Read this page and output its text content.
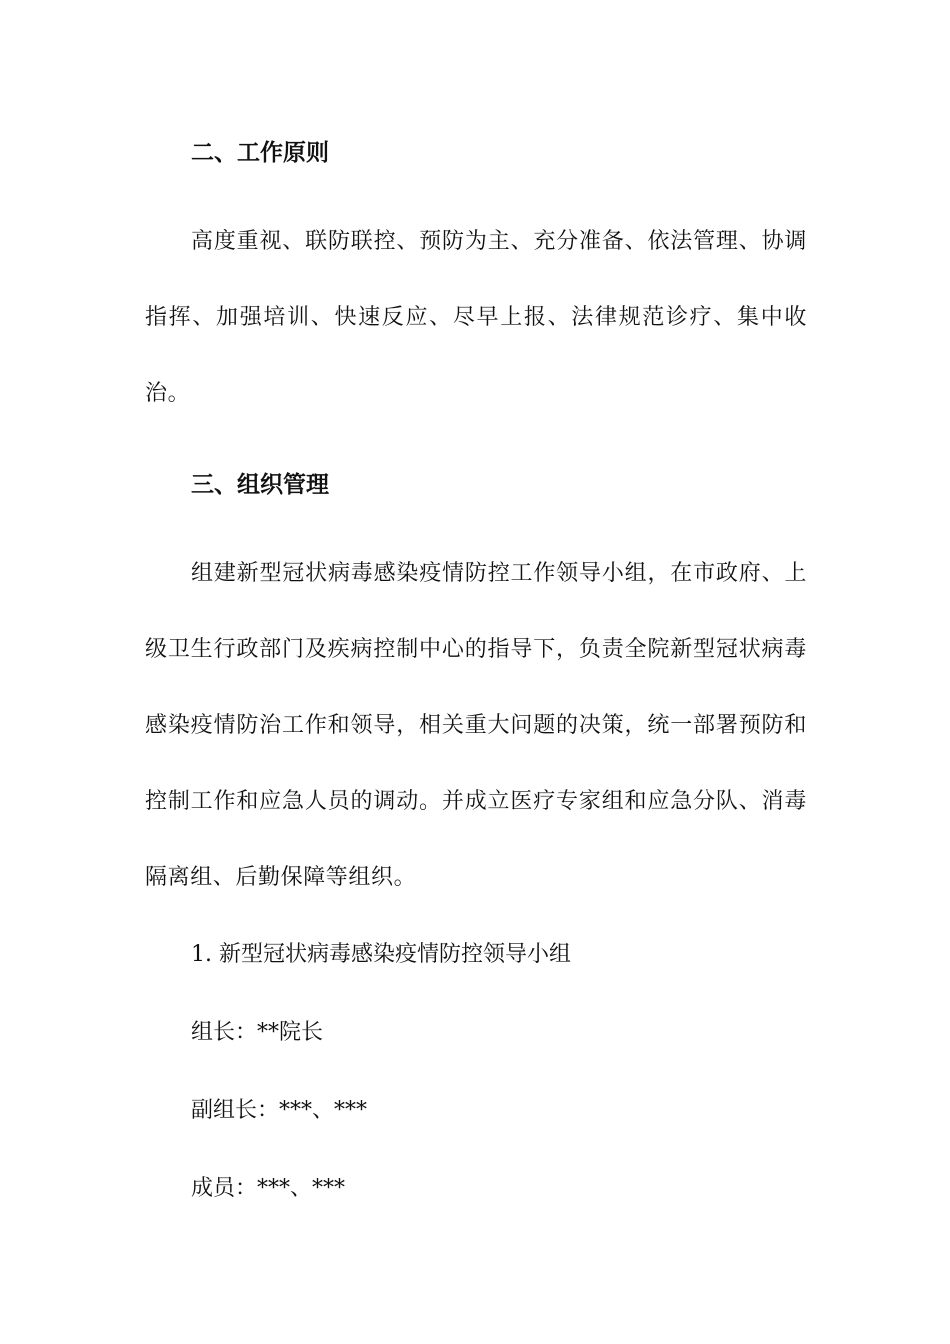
二、工作原则

高度重视、联防联控、预防为主、充分准备、依法管理、协调指挥、加强培训、快速反应、尽早上报、法律规范诊疗、集中收治。

三、组织管理

组建新型冠状病毒感染疫情防控工作领导小组，在市政府、上级卫生行政部门及疾病控制中心的指导下，负责全院新型冠状病毒感染疫情防治工作和领导，相关重大问题的决策，统一部署预防和控制工作和应急人员的调动。并成立医疗专家组和应急分队、消毒隔离组、后勤保障等组织。

1. 新型冠状病毒感染疫情防控领导小组

组长：**院长

副组长：***、***

成员：***、***
